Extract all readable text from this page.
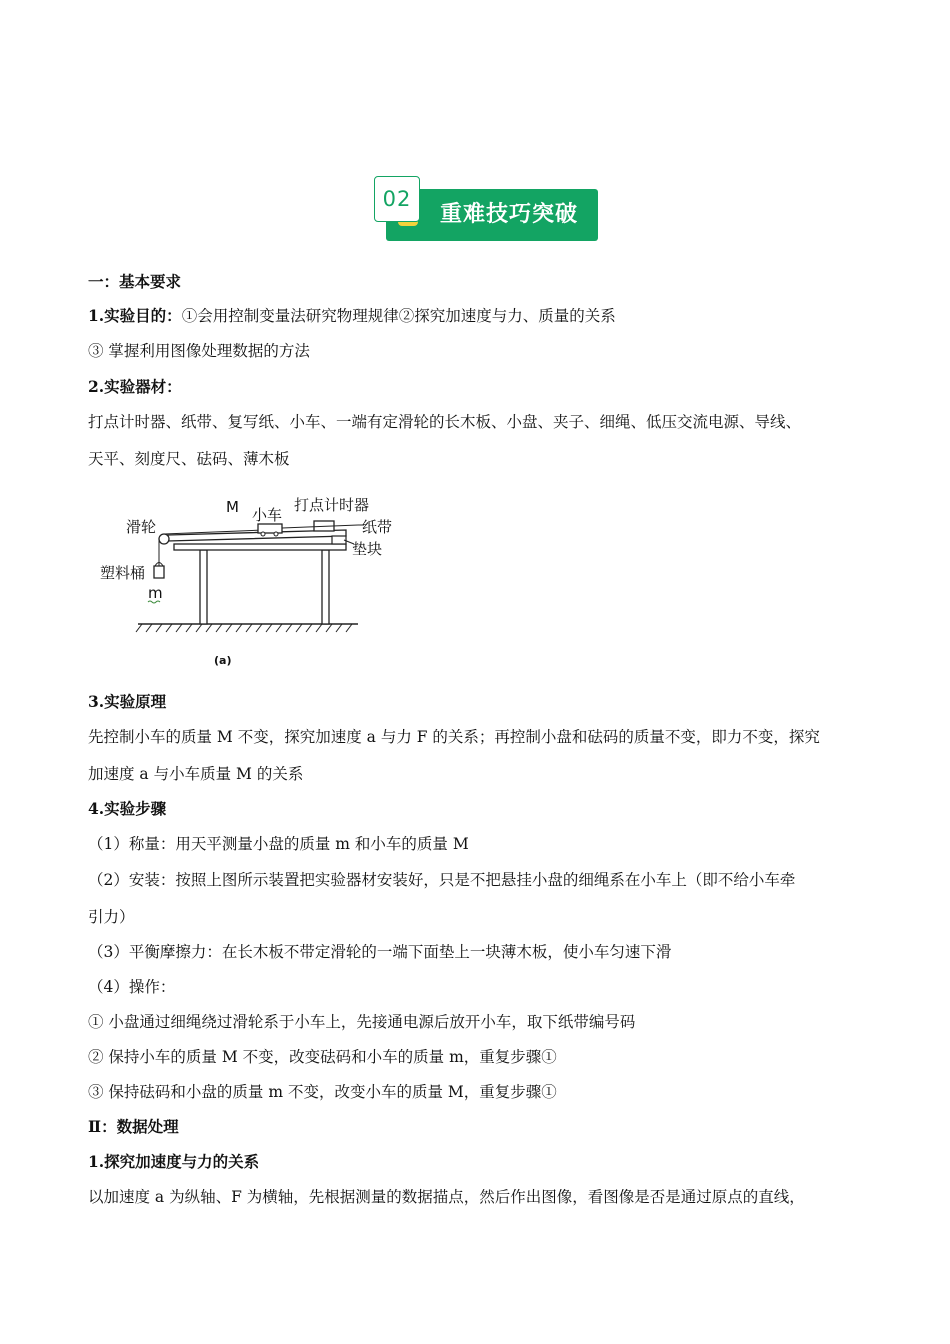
02
重难技巧突破
一：基本要求
1.实验目的：①会用控制变量法研究物理规律②探究加速度与力、质量的关系
③ 掌握利用图像处理数据的方法
2.实验器材：
打点计时器、纸带、复写纸、小车、一端有定滑轮的长木板、小盘、夹子、细绳、低压交流电源、导线、
天平、刻度尺、砝码、薄木板
M 小车
打点计时器
滑轮	纸带
垫块
塑料桶
m
(a)
3.实验原理
先控制小车的质量 M 不变，探究加速度 a 与力 F 的关系；再控制小盘和砝码的质量不变，即力不变，探究
加速度 a 与小车质量 M 的关系
4.实验步骤
（1）称量：用天平测量小盘的质量 m 和小车的质量 M
（2）安装：按照上图所示装置把实验器材安装好，只是不把悬挂小盘的细绳系在小车上（即不给小车牵
引力）
（3）平衡摩擦力：在长木板不带定滑轮的一端下面垫上一块薄木板，使小车匀速下滑
（4）操作：
① 小盘通过细绳绕过滑轮系于小车上，先接通电源后放开小车，取下纸带编号码
② 保持小车的质量 M 不变，改变砝码和小车的质量 m，重复步骤①
③ 保持砝码和小盘的质量 m 不变，改变小车的质量 M，重复步骤①
Ⅱ：数据处理
1.探究加速度与力的关系
以加速度 a 为纵轴、F 为横轴，先根据测量的数据描点，然后作出图像，看图像是否是通过原点的直线，
